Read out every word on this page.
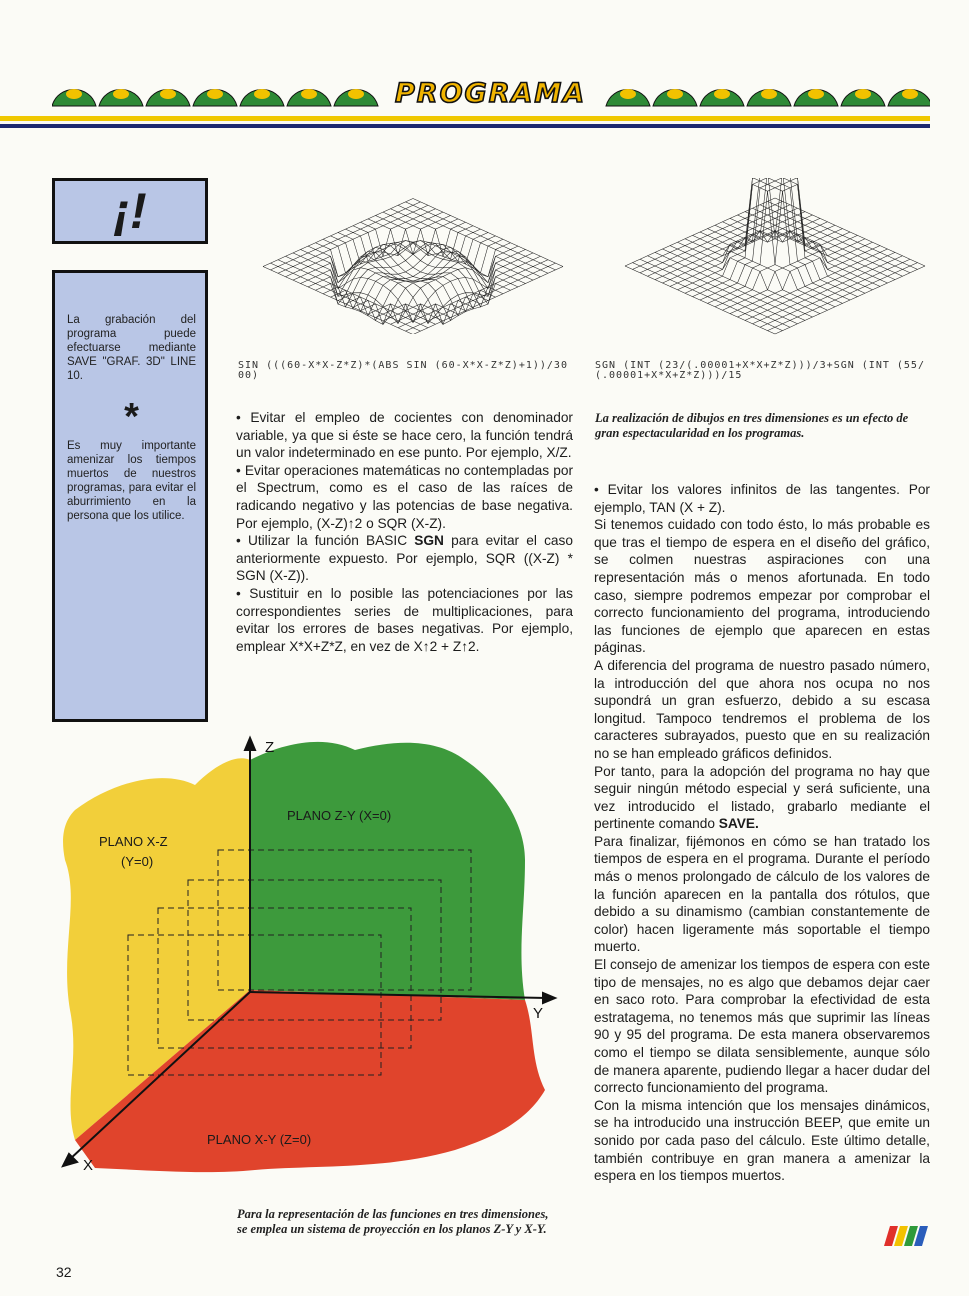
PROGRAMA
¡!

La grabación del programa puede efectuarse mediante SAVE "GRAF. 3D" LINE 10.

*

Es muy importante amenizar los tiempos muertos de nuestros programas, para evitar el aburrimiento en la persona que los utilice.

SIN (((60-X*X-Z*Z)*(ABS SIN (60-X*X-Z*Z)+1))/3000)
SGN (INT (23/(.00001+X*X+Z*Z)))/3+SGN (INT (55/(.00001+X*X+Z*Z)))/15
La realización de dibujos en tres dimensiones es un efecto de gran espectacularidad en los programas.

• Evitar el empleo de cocientes con denominador variable, ya que si éste se hace cero, la función tendrá un valor indeterminado en ese punto. Por ejemplo, X/Z.

• Evitar operaciones matemáticas no contempladas por el Spectrum, como es el caso de las raíces de radicando negativo y las potencias de base negativa. Por ejemplo, (X-Z)↑2 o SQR (X-Z).

• Utilizar la función BASIC SGN para evitar el caso anteriormente expuesto. Por ejemplo, SQR ((X-Z) * SGN (X-Z)).

• Sustituir en lo posible las potenciaciones por las correspondientes series de multiplicaciones, para evitar los errores de bases negativas. Por ejemplo, emplear X*X+Z*Z, en vez de X↑2 + Z↑2.

Z
Y
X
PLANO X-Z
(Y=0)
PLANO Z-Y (X=0)
PLANO X-Y (Z=0)
Para la representación de las funciones en tres dimensiones, se emplea un sistema de proyección en los planos Z-Y y X-Y.

• Evitar los valores infinitos de las tangentes. Por ejemplo, TAN (X + Z).

Si tenemos cuidado con todo ésto, lo más probable es que tras el tiempo de espera en el diseño del gráfico, se colmen nuestras aspiraciones con una representación más o menos afortunada. En todo caso, siempre podremos empezar por comprobar el correcto funcionamiento del programa, introduciendo las funciones de ejemplo que aparecen en estas páginas.

A diferencia del programa de nuestro pasado número, la introducción del que ahora nos ocupa no nos supondrá un gran esfuerzo, debido a su escasa longitud. Tampoco tendremos el problema de los caracteres subrayados, puesto que en su realización no se han empleado gráficos definidos.

Por tanto, para la adopción del programa no hay que seguir ningún método especial y será suficiente, una vez introducido el listado, grabarlo mediante el pertinente comando SAVE.

Para finalizar, fijémonos en cómo se han tratado los tiempos de espera en el programa. Durante el período más o menos prolongado de cálculo de los valores de la función aparecen en la pantalla dos rótulos, que debido a su dinamismo (cambian constantemente de color) hacen ligeramente más soportable el tiempo muerto.

El consejo de amenizar los tiempos de espera con este tipo de mensajes, no es algo que debamos dejar caer en saco roto. Para comprobar la efectividad de esta estratagema, no tenemos más que suprimir las líneas 90 y 95 del programa. De esta manera observaremos como el tiempo se dilata sensiblemente, aunque sólo de manera aparente, pudiendo llegar a hacer dudar del correcto funcionamiento del programa.

Con la misma intención que los mensajes dinámicos, se ha introducido una instrucción BEEP, que emite un sonido por cada paso del cálculo. Este último detalle, también contribuye en gran manera a amenizar la espera en los tiempos muertos.

32
